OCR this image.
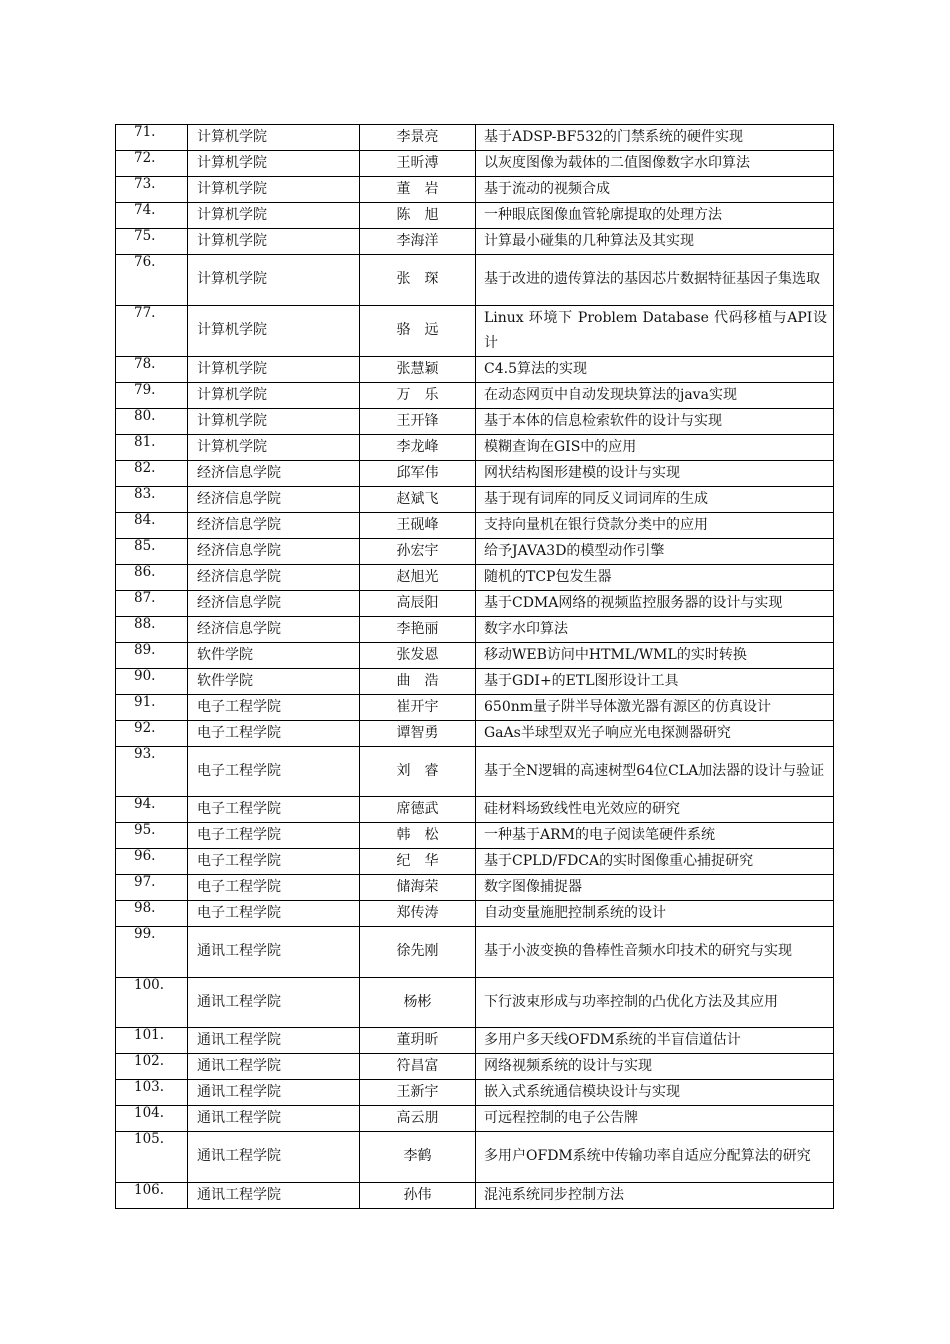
71.	计算机学院	李景亮	基于ADSP-BF532的门禁系统的硬件实现
72.	计算机学院	王昕溥	以灰度图像为载体的二值图像数字水印算法
73.	计算机学院	董　岩	基于流动的视频合成
74.	计算机学院	陈　旭	一种眼底图像血管轮廓提取的处理方法
75.	计算机学院	李海洋	计算最小碰集的几种算法及其实现
76.	计算机学院	张　琛	基于改进的遗传算法的基因芯片数据特征基因子集选取
77.	计算机学院	骆　远	Linux 环境下 Problem Database 代码移植与API设计
78.	计算机学院	张慧颖	C4.5算法的实现
79.	计算机学院	万　乐	在动态网页中自动发现块算法的java实现
80.	计算机学院	王开锋	基于本体的信息检索软件的设计与实现
81.	计算机学院	李龙峰	模糊查询在GIS中的应用
82.	经济信息学院	邱军伟	网状结构图形建模的设计与实现
83.	经济信息学院	赵斌飞	基于现有词库的同反义词词库的生成
84.	经济信息学院	王砚峰	支持向量机在银行贷款分类中的应用
85.	经济信息学院	孙宏宇	给予JAVA3D的模型动作引擎
86.	经济信息学院	赵旭光	随机的TCP包发生器
87.	经济信息学院	高辰阳	基于CDMA网络的视频监控服务器的设计与实现
88.	经济信息学院	李艳丽	数字水印算法
89.	软件学院	张发恩	移动WEB访问中HTML/WML的实时转换
90.	软件学院	曲　浩	基于GDI+的ETL图形设计工具
91.	电子工程学院	崔开宇	650nm量子阱半导体激光器有源区的仿真设计
92.	电子工程学院	谭智勇	GaAs半球型双光子响应光电探测器研究
93.	电子工程学院	刘　睿	基于全N逻辑的高速树型64位CLA加法器的设计与验证
94.	电子工程学院	席德武	硅材料场致线性电光效应的研究
95.	电子工程学院	韩　松	一种基于ARM的电子阅读笔硬件系统
96.	电子工程学院	纪　华	基于CPLD/FDCA的实时图像重心捕捉研究
97.	电子工程学院	储海荣	数字图像捕捉器
98.	电子工程学院	郑传涛	自动变量施肥控制系统的设计
99.	通讯工程学院	徐先刚	基于小波变换的鲁棒性音频水印技术的研究与实现
100.	通讯工程学院	杨彬	下行波束形成与功率控制的凸优化方法及其应用
101.	通讯工程学院	董玥昕	多用户多天线OFDM系统的半盲信道估计
102.	通讯工程学院	符昌富	网络视频系统的设计与实现
103.	通讯工程学院	王新宇	嵌入式系统通信模块设计与实现
104.	通讯工程学院	高云朋	可远程控制的电子公告牌
105.	通讯工程学院	李鹤	多用户OFDM系统中传输功率自适应分配算法的研究
106.	通讯工程学院	孙伟	混沌系统同步控制方法
